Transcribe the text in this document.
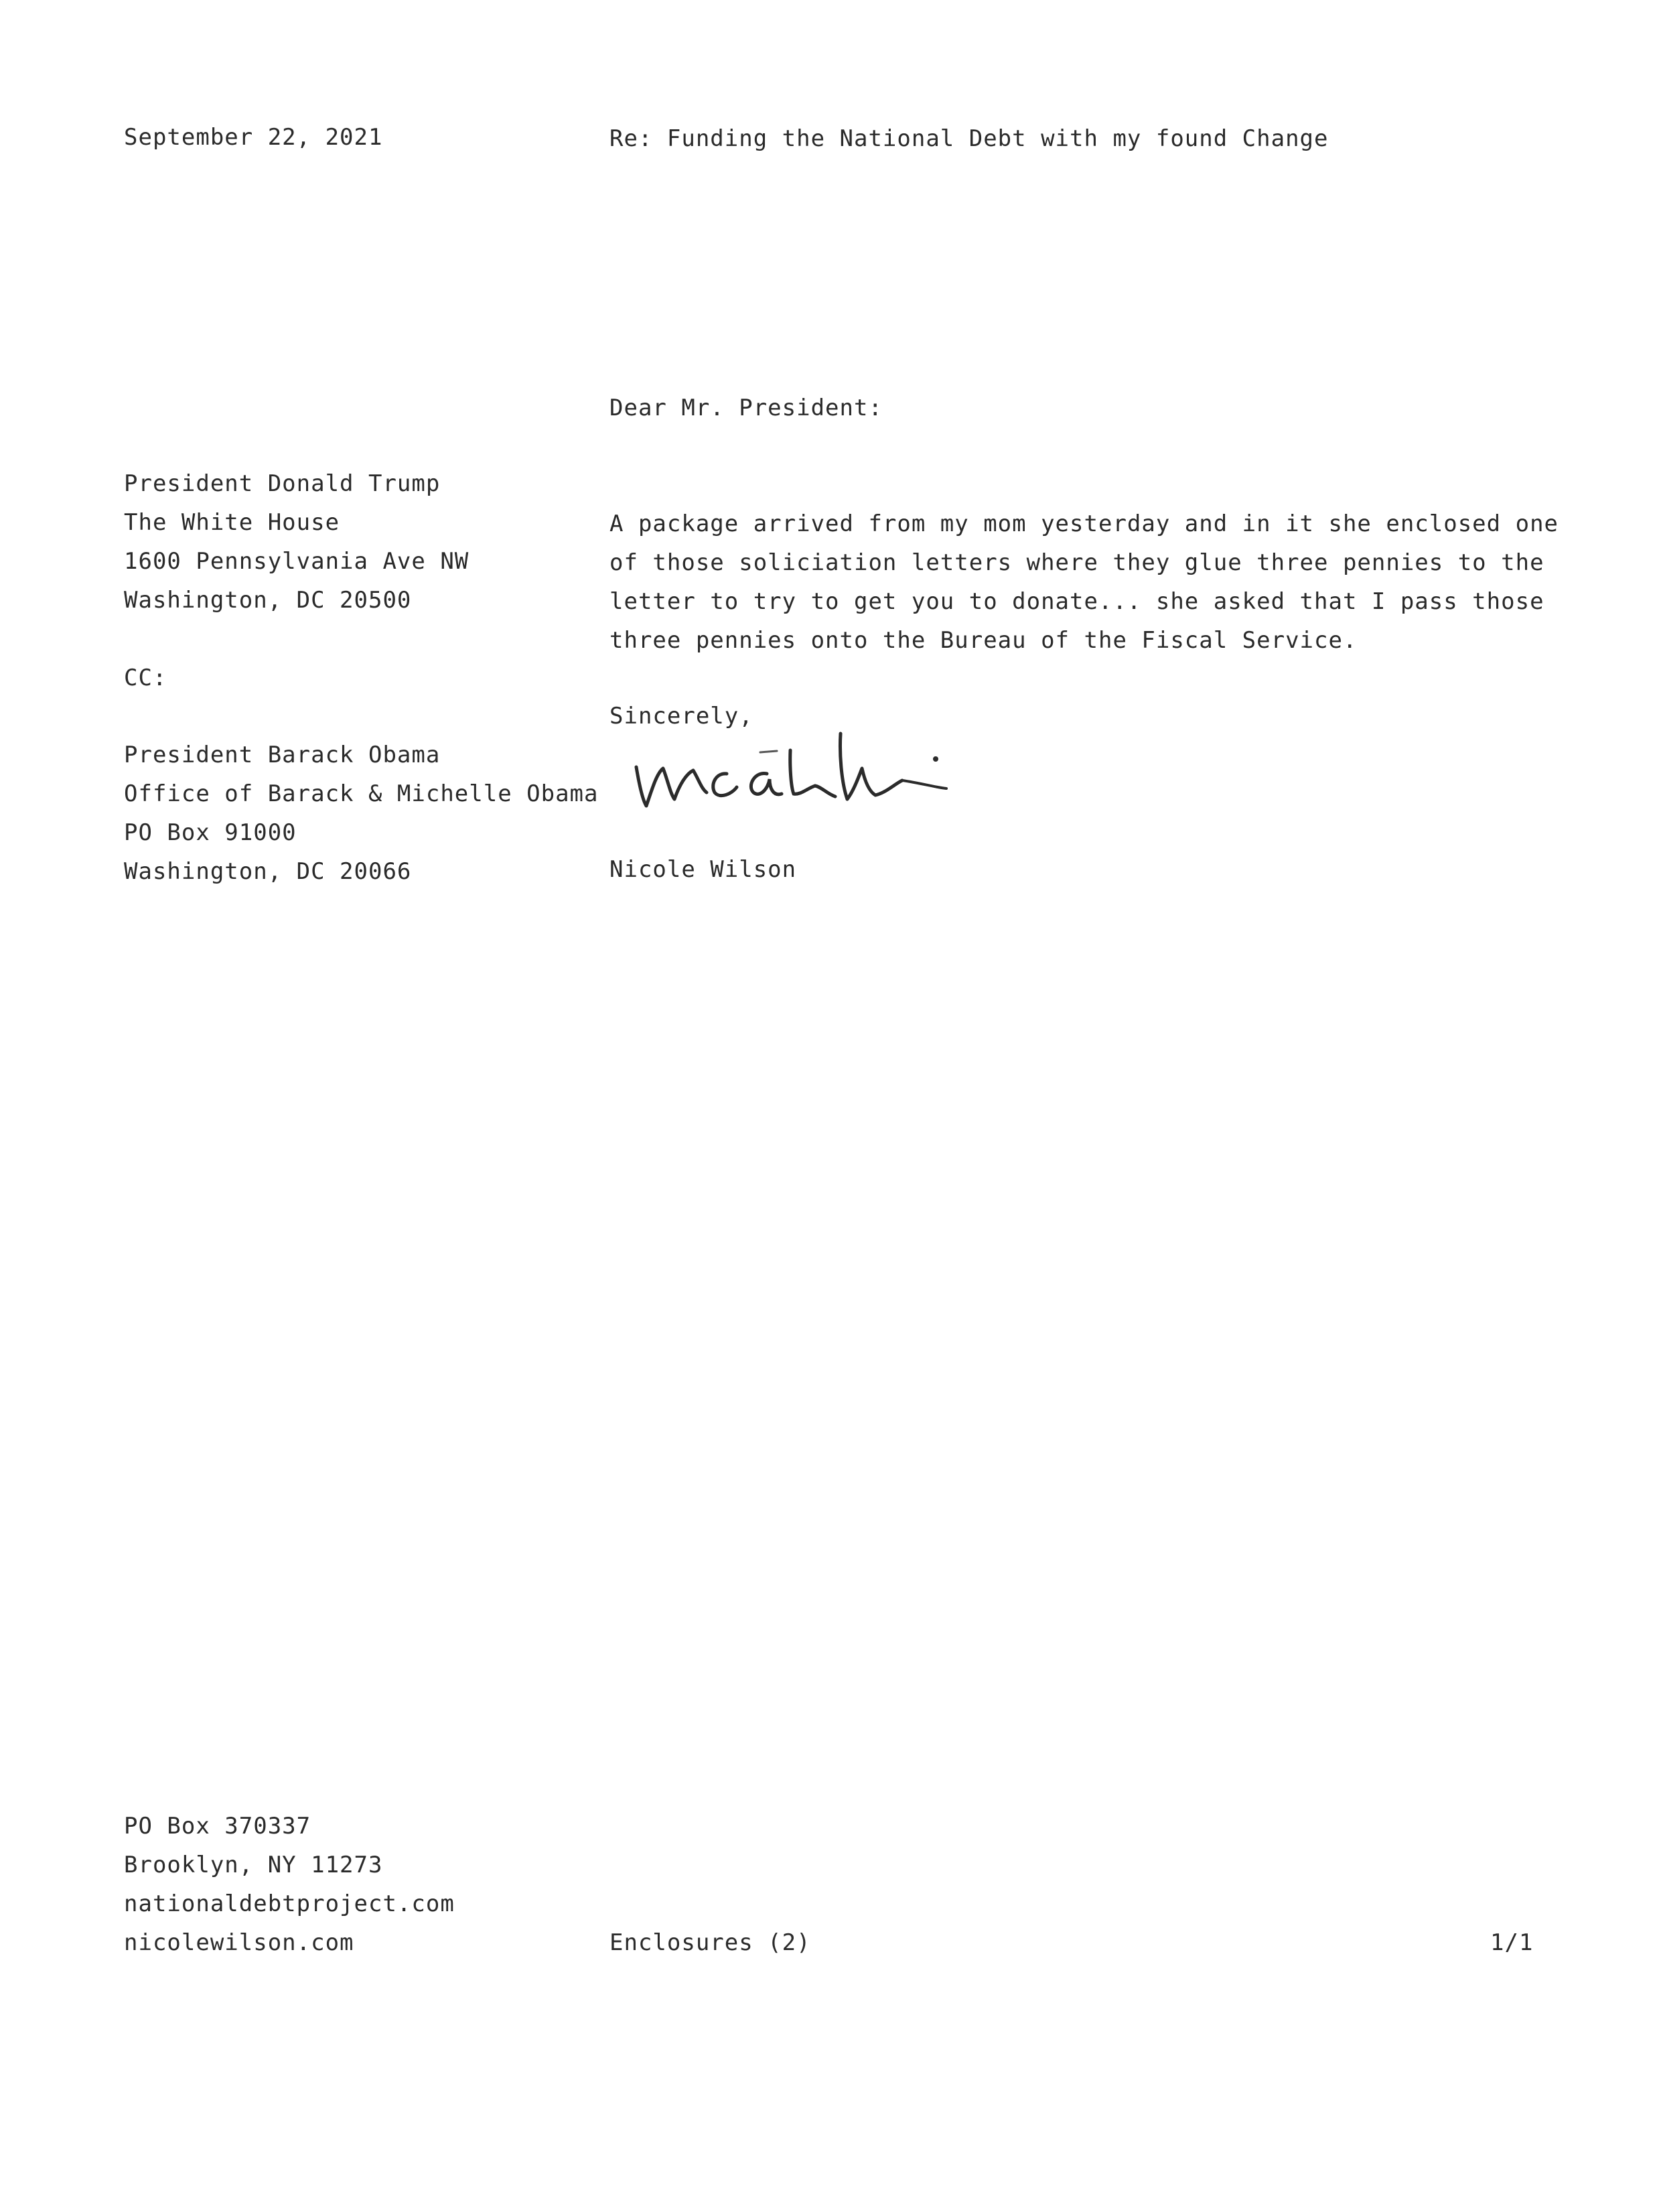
September 22, 2021	Re: Funding the National Debt with my found Change
Dear Mr. President:
President Donald Trump
The White House
1600 Pennsylvania Ave NW
Washington, DC 20500
CC:
President Barack Obama
Office of Barack & Michelle Obama
PO Box 91000
Washington, DC 20066
A package arrived from my mom yesterday and in it she enclosed one
of those soliciation letters where they glue three pennies to the
letter to try to get you to donate... she asked that I pass those
three pennies onto the Bureau of the Fiscal Service.
Sincerely,
Nicole Wilson
PO Box 370337
Brooklyn, NY 11273
nationaldebtproject.com
nicolewilson.com	Enclosures (2)	1/1
